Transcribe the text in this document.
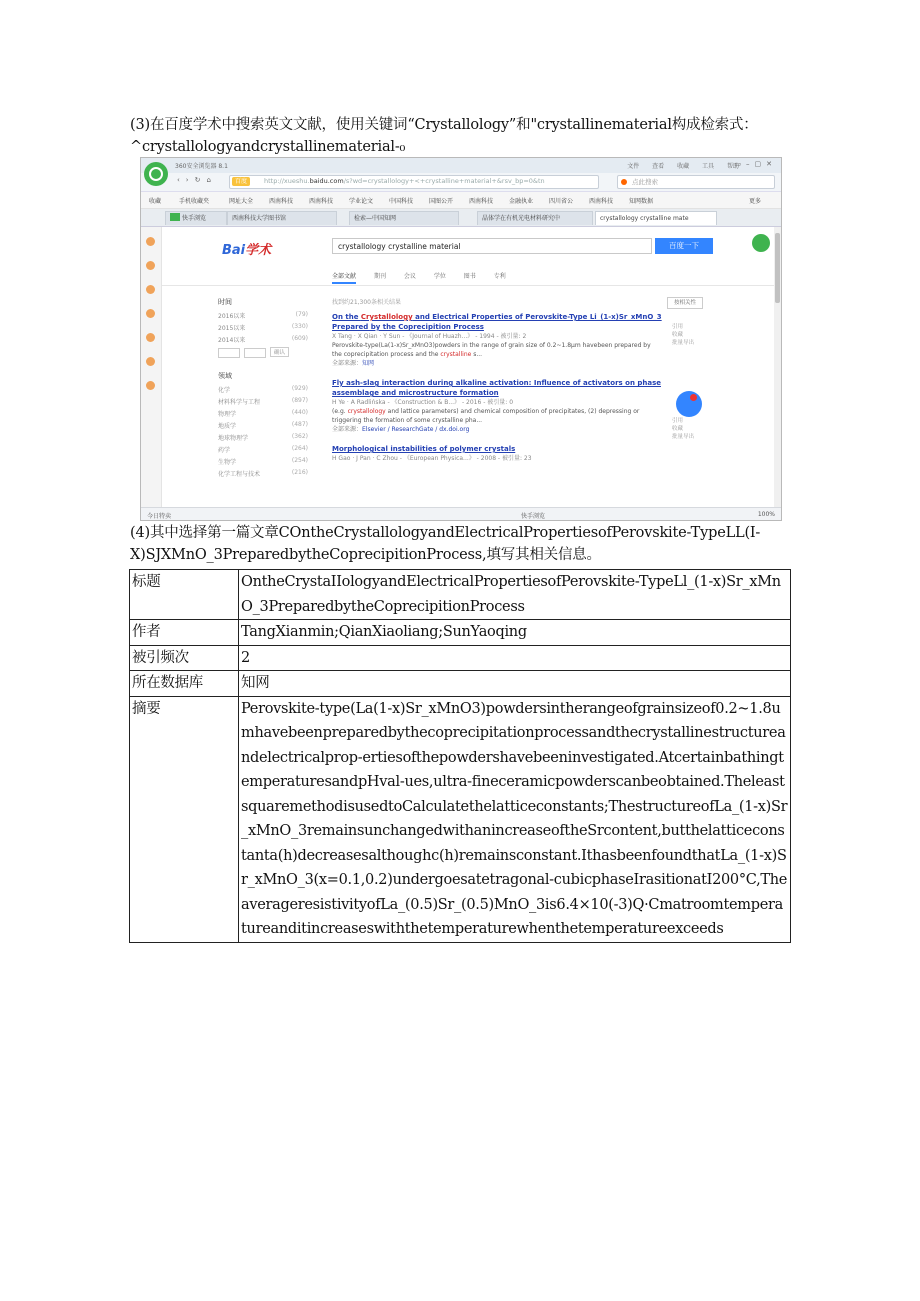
(3)在百度学术中搜索英文文献，使用关键词“Crystallology”和"crystallinematerial构成检索式：
^crystallologyandcrystallinematerial-₀
360安全浏览器 8.1	文件 查看 收藏 工具 帮助
▭–▢✕
‹›↻⌂	百度	http://xueshu.baidu.com/s?wd=crystallology+<+crystalline+material+&rsv_bp=0&tn	点此搜索
收藏	手机收藏夹	网址大全	西南科技	西南科技	学业论文	中国科技	国图公开	西南科技	金融执业	四川省公	西南科技	知网数据	更多
快手浏览	西南科技大学图书馆	检索—中国知网	晶体学在有机光电材料研究中	crystallology crystalline mate
Bai学术	crystallology crystalline material	百度一下
全部文献	期刊	会议	学位	图书	专利
时间
2016以来	(79)
2015以来	(330)
2014以来	(609)
确认
领域
化学	(929)
材料科学与工程	(897)
物理学	(440)
地质学	(487)
地球物理学	(362)
药学	(264)
生物学	(254)
化学工程与技术	(216)
按相关性
找到约21,300条相关结果
On the Crystallology and Electrical Properties of Perovskite-Type Li_(1-x)Sr_xMnO_3 Prepared by the Coprecipition Process
X Tang · X Qian · Y Sun - 《Journal of Huazh...》 - 1994 - 被引量: 2
Perovskite-type(La(1-x)Sr_xMnO3)powders in the range of grain size of 0.2~1.8μm havebeen prepared by the coprecipitation process and the crystalline s...
全部来源：知网
Fly ash-slag interaction during alkaline activation: Influence of activators on phase assemblage and microstructure formation
H Ye · A Radlińska - 《Construction & B...》 - 2016 - 被引量: 0
(e.g. crystallology and lattice parameters) and chemical composition of precipitates, (2) depressing or triggering the formation of some crystalline pha...
全部来源：Elsevier / ResearchGate / dx.doi.org
Morphological instabilities of polymer crystals
H Gao · J Pan · C Zhou - 《European Physica...》 - 2008 - 被引量: 23
引用
收藏
批量导出
引用
收藏
批量导出
今日特卖	快手浏览	100%
(4)其中选择第一篇文章COntheCrystallologyandElectricalPropertiesofPerovskite-TypeLL(I-
X)SJXMnO_3PreparedbytheCoprecipitionProcess,填写其相关信息。
标题	OntheCrystaIIologyandElectricalPropertiesofPerovskite-TypeLl_(1-x)Sr_xMnO_3PreparedbytheCoprecipitionProcess
作者	TangXianmin;QianXiaoliang;SunYaoqing
被引频次	2
所在数据库	知网
摘要	Perovskite-type(La(1-x)Sr_xMnO3)powdersintherangeofgrainsizeof0.2~1.8umhavebeenpreparedbythecoprecipitationprocessandthecrystallinestructureandelectricalprop-ertiesofthepowdershavebeeninvestigated.AtcertainbathingtemperaturesandpHval-ues,ultra-fineceramicpowderscanbeobtained.TheleastsquaremethodisusedtoCalculatethelatticeconstants;ThestructureofLa_(1-x)Sr_xMnO_3remainsunchangedwithanincreaseoftheSrcontent,butthelatticeconstanta(h)decreasesalthoughc(h)remainsconstant.IthasbeenfoundthatLa_(1-x)Sr_xMnO_3(x=0.1,0.2)undergoesatetragonal-cubicphaseIrasitionatI200°C,TheaverageresistivityofLa_(0.5)Sr_(0.5)MnO_3is6.4×10(-3)Q·Cmatroomtemperatureanditincreaseswiththetemperaturewhenthetemperatureexceeds
